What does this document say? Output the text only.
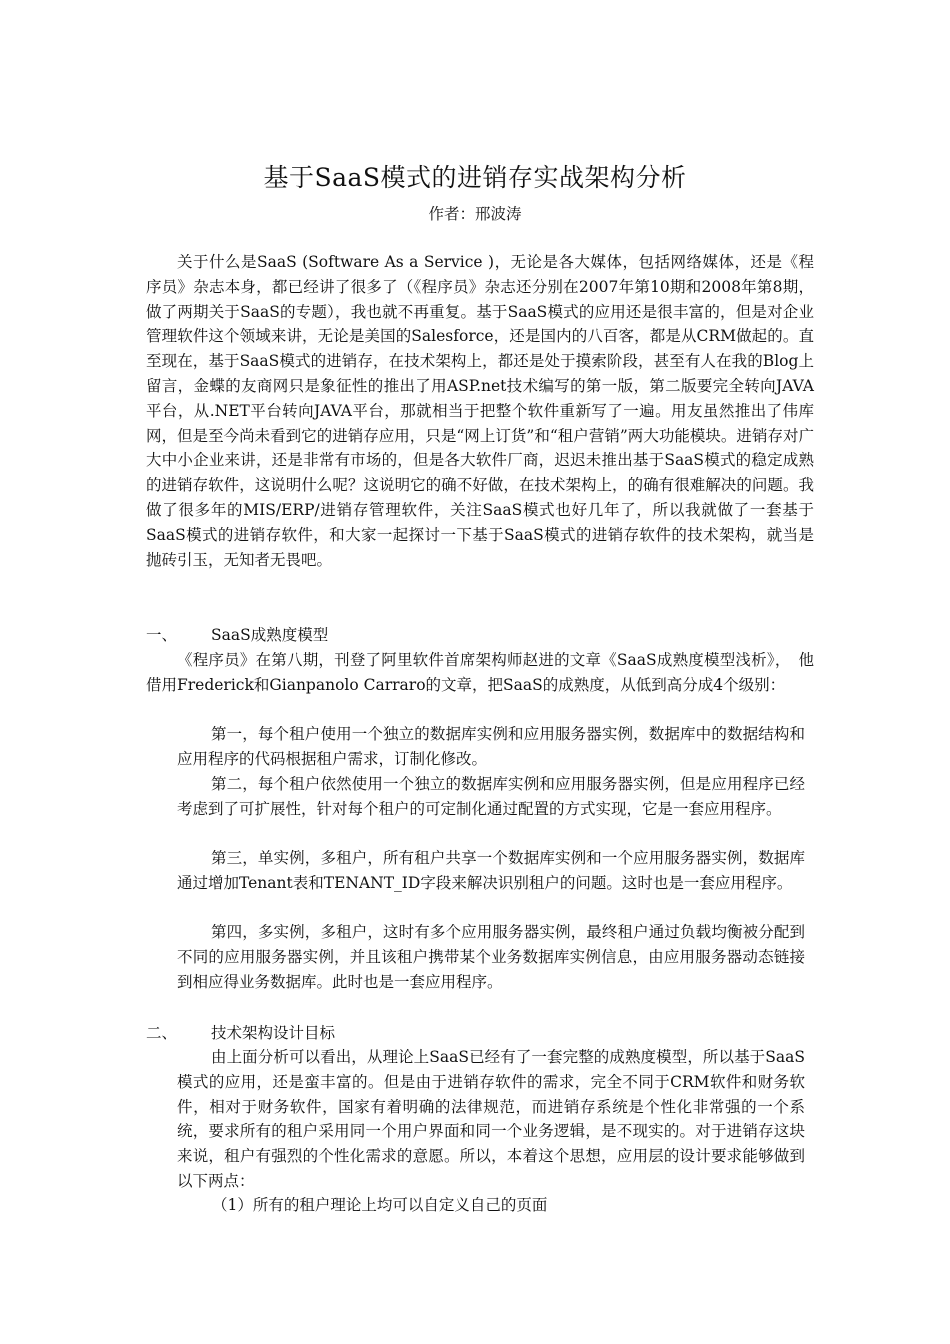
基于SaaS模式的进销存实战架构分析
作者：邢波涛
关于什么是SaaS (Software As a Service )，无论是各大媒体，包括网络媒体，还是《程序员》杂志本身，都已经讲了很多了（《程序员》杂志还分别在2007年第10期和2008年第8期，做了两期关于SaaS的专题），我也就不再重复。基于SaaS模式的应用还是很丰富的，但是对企业管理软件这个领域来讲，无论是美国的Salesforce，还是国内的八百客，都是从CRM做起的。直至现在，基于SaaS模式的进销存，在技术架构上，都还是处于摸索阶段，甚至有人在我的Blog上留言，金蝶的友商网只是象征性的推出了用ASP.net技术编写的第一版，第二版要完全转向JAVA平台，从.NET平台转向JAVA平台，那就相当于把整个软件重新写了一遍。用友虽然推出了伟库网，但是至今尚未看到它的进销存应用，只是“网上订货”和“租户营销”两大功能模块。进销存对广大中小企业来讲，还是非常有市场的，但是各大软件厂商，迟迟未推出基于SaaS模式的稳定成熟的进销存软件，这说明什么呢？这说明它的确不好做，在技术架构上，的确有很难解决的问题。我做了很多年的MIS/ERP/进销存管理软件，关注SaaS模式也好几年了，所以我就做了一套基于SaaS模式的进销存软件，和大家一起探讨一下基于SaaS模式的进销存软件的技术架构，就当是抛砖引玉，无知者无畏吧。
一、 SaaS成熟度模型
《程序员》在第八期，刊登了阿里软件首席架构师赵进的文章《SaaS成熟度模型浅析》，　他借用Frederick和Gianpanolo Carraro的文章，把SaaS的成熟度，从低到高分成4个级别：
第一，每个租户使用一个独立的数据库实例和应用服务器实例，数据库中的数据结构和应用程序的代码根据租户需求，订制化修改。
第二，每个租户依然使用一个独立的数据库实例和应用服务器实例，但是应用程序已经考虑到了可扩展性，针对每个租户的可定制化通过配置的方式实现，它是一套应用程序。
第三，单实例，多租户，所有租户共享一个数据库实例和一个应用服务器实例，数据库通过增加Tenant表和TENANT_ID字段来解决识别租户的问题。这时也是一套应用程序。
第四，多实例，多租户，这时有多个应用服务器实例，最终租户通过负载均衡被分配到不同的应用服务器实例，并且该租户携带某个业务数据库实例信息，由应用服务器动态链接到相应得业务数据库。此时也是一套应用程序。
二、 技术架构设计目标
由上面分析可以看出，从理论上SaaS已经有了一套完整的成熟度模型，所以基于SaaS模式的应用，还是蛮丰富的。但是由于进销存软件的需求，完全不同于CRM软件和财务软件，相对于财务软件，国家有着明确的法律规范，而进销存系统是个性化非常强的一个系统，要求所有的租户采用同一个用户界面和同一个业务逻辑，是不现实的。对于进销存这块来说，租户有强烈的个性化需求的意愿。所以，本着这个思想，应用层的设计要求能够做到以下两点：
（1）所有的租户理论上均可以自定义自己的页面
